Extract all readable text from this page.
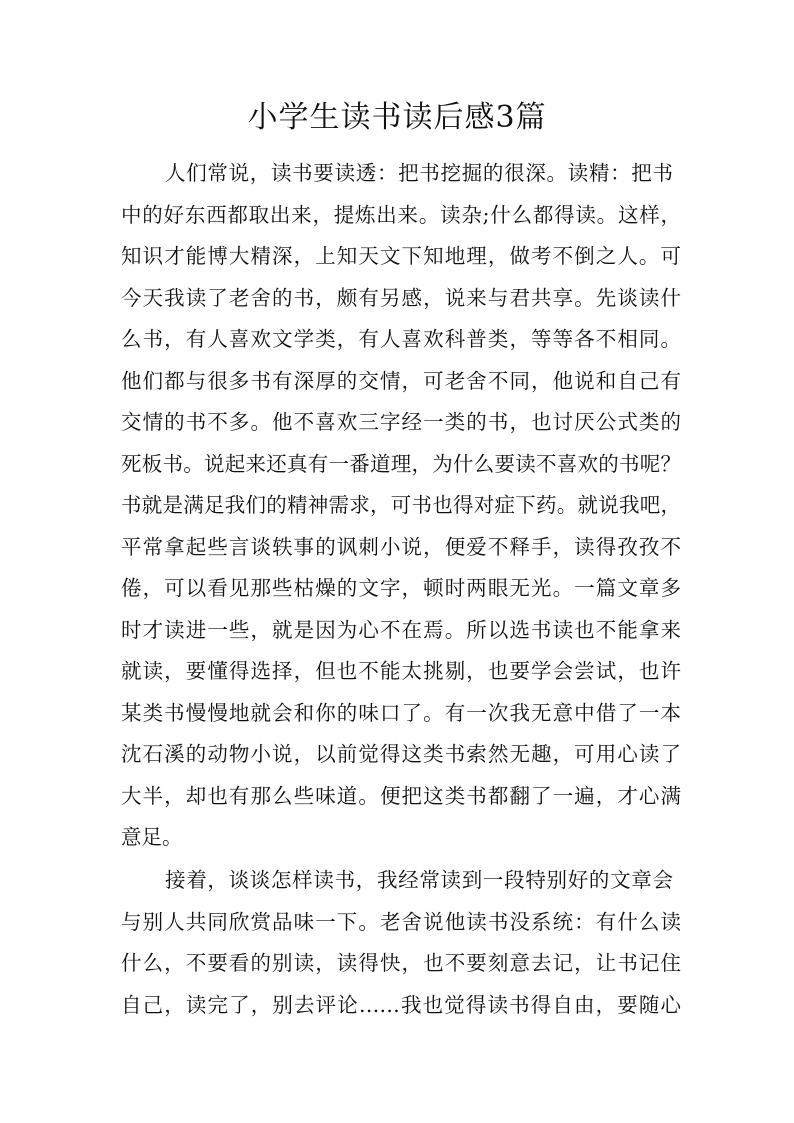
小学生读书读后感3篇
人们常说，读书要读透：把书挖掘的很深。读精：把书
中的好东西都取出来，提炼出来。读杂;什么都得读。这样，
知识才能博大精深，上知天文下知地理，做考不倒之人。可
今天我读了老舍的书，颇有另感，说来与君共享。先谈读什
么书，有人喜欢文学类，有人喜欢科普类，等等各不相同。
他们都与很多书有深厚的交情，可老舍不同，他说和自己有
交情的书不多。他不喜欢三字经一类的书，也讨厌公式类的
死板书。说起来还真有一番道理，为什么要读不喜欢的书呢？
书就是满足我们的精神需求，可书也得对症下药。就说我吧，
平常拿起些言谈轶事的讽刺小说，便爱不释手，读得孜孜不
倦，可以看见那些枯燥的文字，顿时两眼无光。一篇文章多
时才读进一些，就是因为心不在焉。所以选书读也不能拿来
就读，要懂得选择，但也不能太挑剔，也要学会尝试，也许
某类书慢慢地就会和你的味口了。有一次我无意中借了一本
沈石溪的动物小说，以前觉得这类书索然无趣，可用心读了
大半，却也有那么些味道。便把这类书都翻了一遍，才心满
意足。
接着，谈谈怎样读书，我经常读到一段特别好的文章会
与别人共同欣赏品味一下。老舍说他读书没系统：有什么读
什么，不要看的别读，读得快，也不要刻意去记，让书记住
自己，读完了，别去评论……我也觉得读书得自由，要随心
